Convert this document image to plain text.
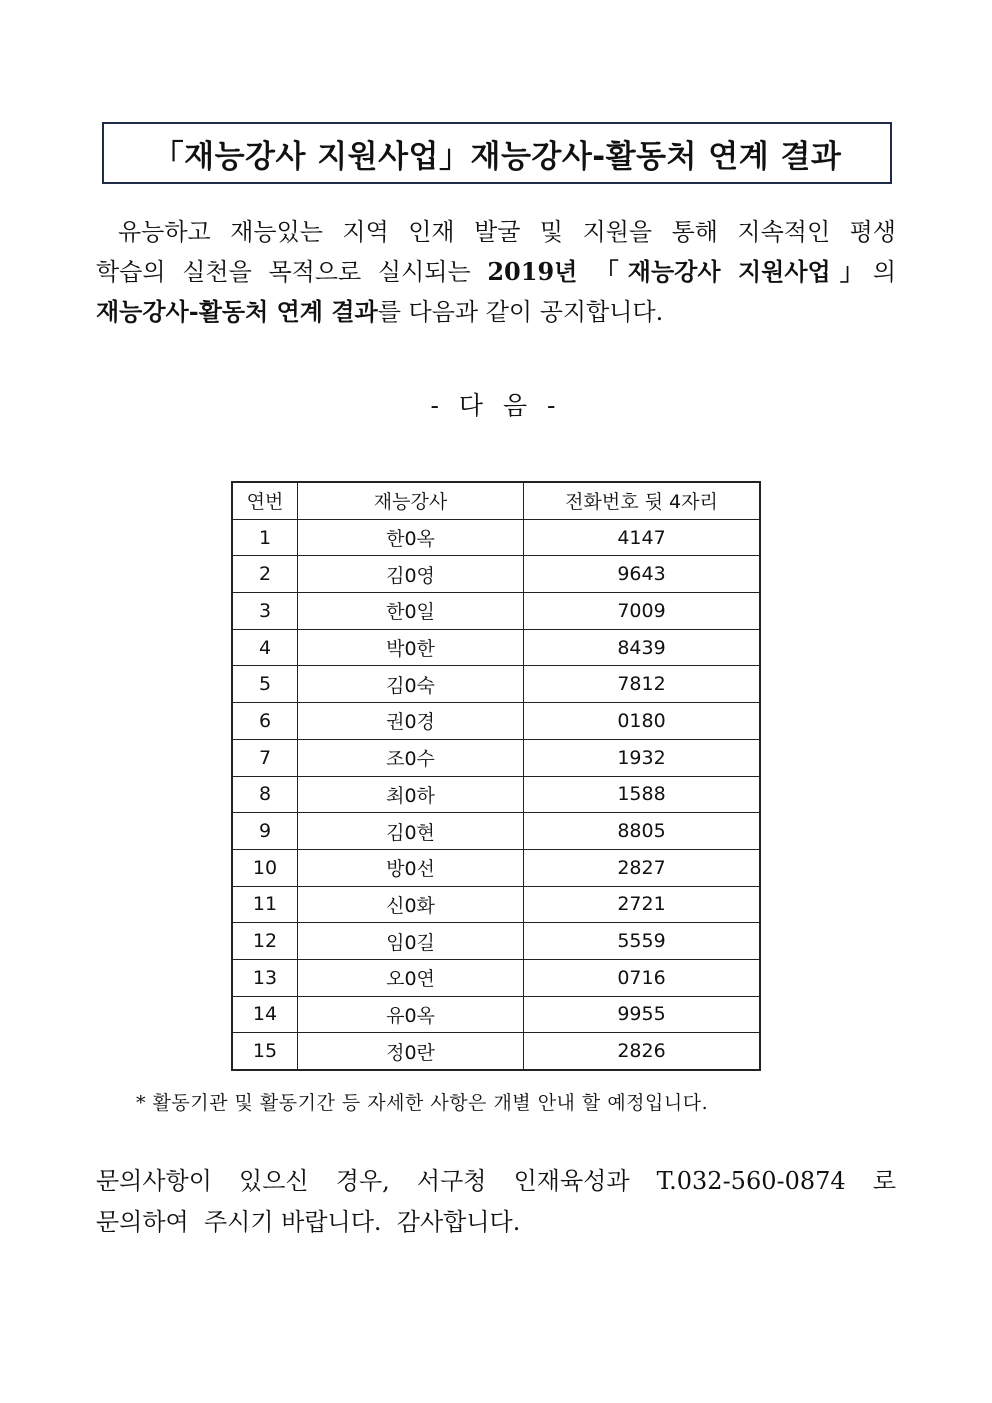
「재능강사 지원사업」재능강사-활동처 연계 결과
유능하고 재능있는 지역 인재 발굴 및 지원을 통해 지속적인 평생
학습의 실천을 목적으로 실시되는 2019년 「재능강사 지원사업」의
재능강사-활동처 연계 결과를 다음과 같이 공지합니다.
- 다 음 -
연번	재능강사	전화번호 뒷 4자리
1	한0옥	4147
2	김0영	9643
3	한0일	7009
4	박0한	8439
5	김0숙	7812
6	권0경	0180
7	조0수	1932
8	최0하	1588
9	김0현	8805
10	방0선	2827
11	신0화	2721
12	임0길	5559
13	오0연	0716
14	유0옥	9955
15	정0란	2826
* 활동기관 및 활동기간 등 자세한 사항은 개별 안내 할 예정입니다.
문의사항이 있으신 경우, 서구청 인재육성과 T.032-560-0874 로
문의하여  주시기 바랍니다.  감사합니다.
